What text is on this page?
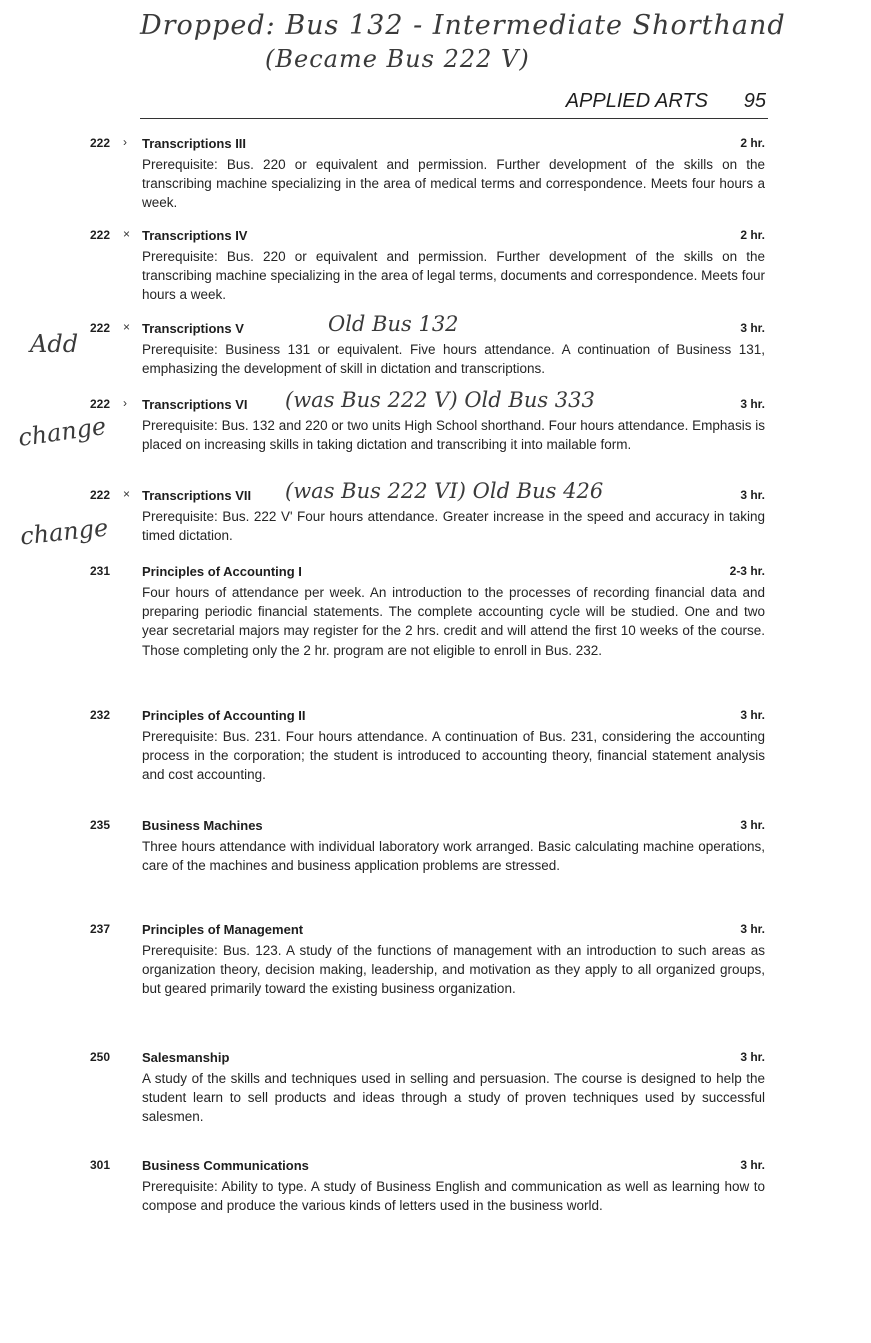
Dropped: Bus 132 - Intermediate Shorthand
(Became Bus 222 V)
APPLIED ARTS 95
Add
change
change
222 › Transcriptions III	2 hr.
Prerequisite: Bus. 220 or equivalent and permission. Further development of the skills on the transcribing machine specializing in the area of medical terms and correspondence. Meets four hours a week.
222 × Transcriptions IV	2 hr.
Prerequisite: Bus. 220 or equivalent and permission. Further development of the skills on the transcribing machine specializing in the area of legal terms, documents and correspondence. Meets four hours a week.
222 × Transcriptions V	Old Bus 132	3 hr.
Prerequisite: Business 131 or equivalent. Five hours attendance. A continuation of Business 131, emphasizing the development of skill in dictation and transcriptions.
222 › Transcriptions VI (was Bus 222 V) Old Bus 333	3 hr.
Prerequisite: Bus. 132 and 220 or two units High School shorthand. Four hours attendance. Emphasis is placed on increasing skills in taking dictation and transcribing it into mailable form.
222 × Transcriptions VII (was Bus 222 VI) Old Bus 426	3 hr.
Prerequisite: Bus. 222 V' Four hours attendance. Greater increase in the speed and accuracy in taking timed dictation.
231 Principles of Accounting I	2-3 hr.
Four hours of attendance per week. An introduction to the processes of recording financial data and preparing periodic financial statements. The complete accounting cycle will be studied. One and two year secretarial majors may register for the 2 hrs. credit and will attend the first 10 weeks of the course. Those completing only the 2 hr. program are not eligible to enroll in Bus. 232.
232 Principles of Accounting II	3 hr.
Prerequisite: Bus. 231. Four hours attendance. A continuation of Bus. 231, considering the accounting process in the corporation; the student is introduced to accounting theory, financial statement analysis and cost accounting.
235 Business Machines	3 hr.
Three hours attendance with individual laboratory work arranged. Basic calculating machine operations, care of the machines and business application problems are stressed.
237 Principles of Management	3 hr.
Prerequisite: Bus. 123. A study of the functions of management with an introduction to such areas as organization theory, decision making, leadership, and motivation as they apply to all organized groups, but geared primarily toward the existing business organization.
250 Salesmanship	3 hr.
A study of the skills and techniques used in selling and persuasion. The course is designed to help the student learn to sell products and ideas through a study of proven techniques used by successful salesmen.
301 Business Communications	3 hr.
Prerequisite: Ability to type. A study of Business English and communication as well as learning how to compose and produce the various kinds of letters used in the business world.
